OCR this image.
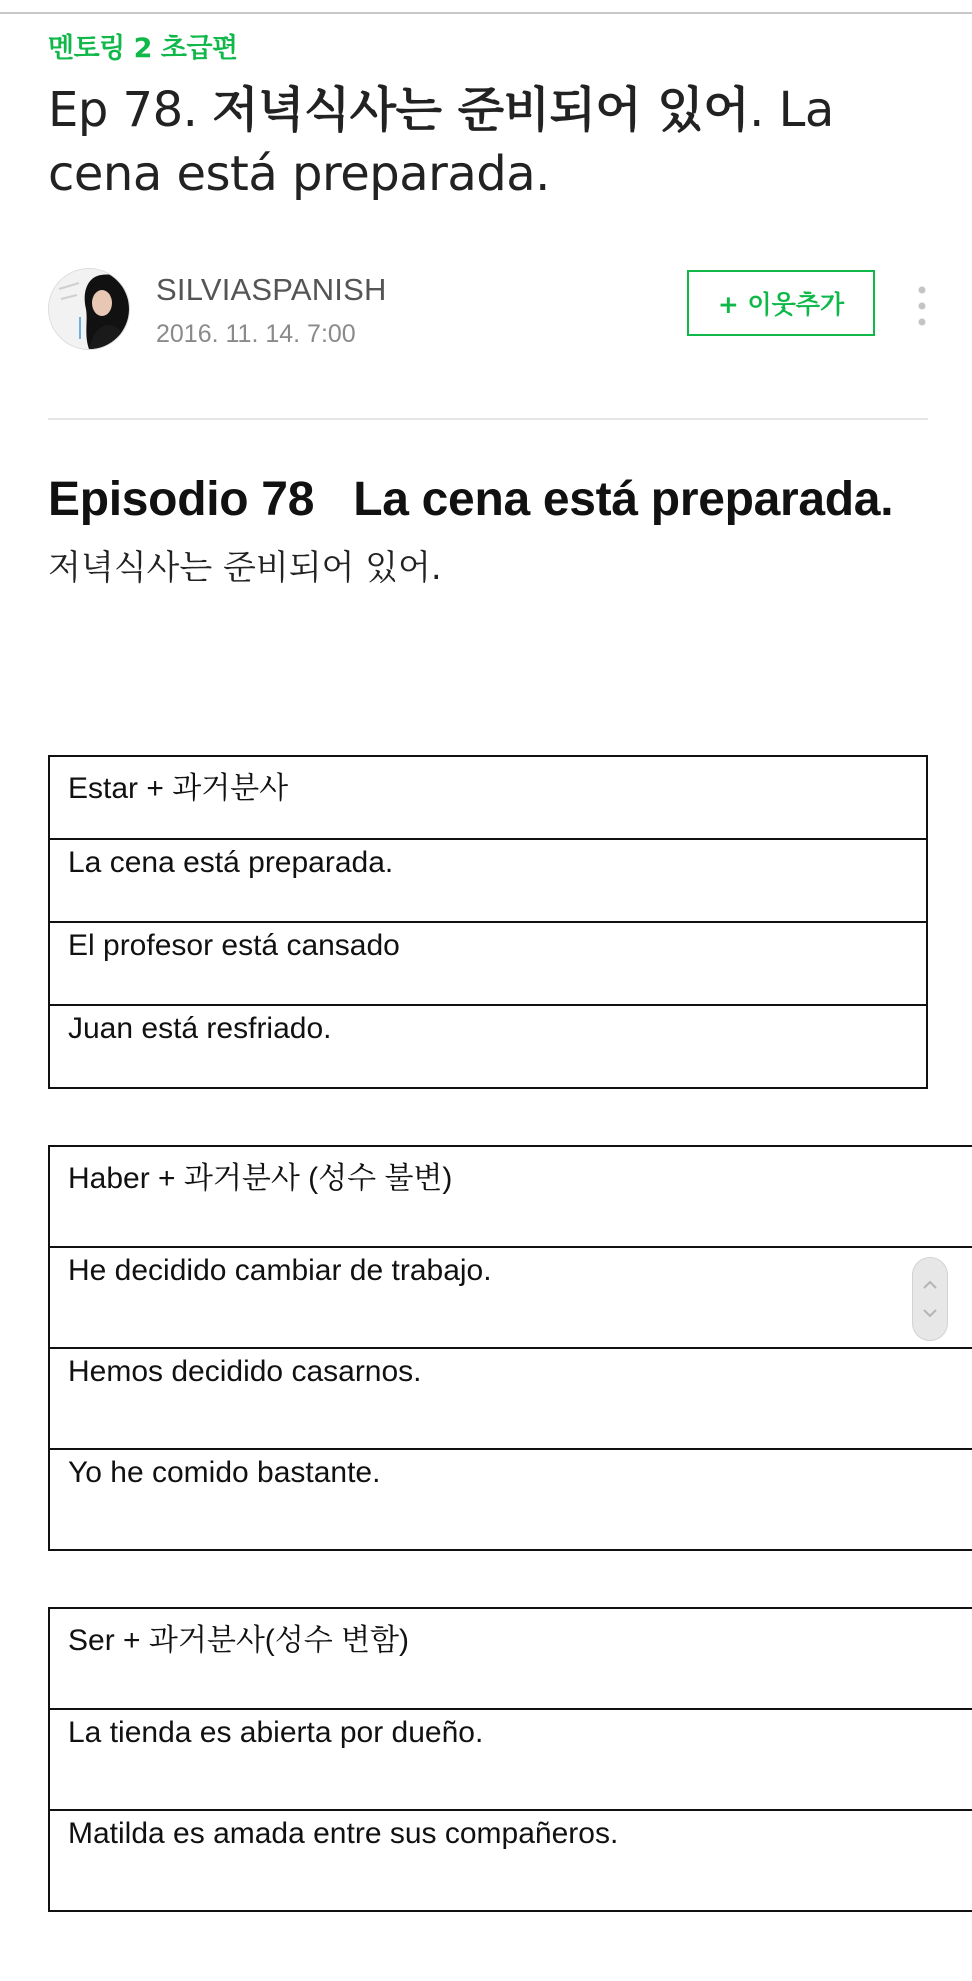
멘토링 2 초급편
Ep 78. 저녁식사는 준비되어 있어. La cena está preparada.
SILVIASPANISH
2016. 11. 14. 7:00
+ 이웃추가
Episodio 78   La cena está preparada.
저녁식사는 준비되어 있어.
Estar + 과거분사
La cena está preparada.
El profesor está cansado
Juan está resfriado.
Haber + 과거분사 (성수 불변)
He decidido cambiar de trabajo.
Hemos decidido casarnos.
Yo he comido bastante.
Ser + 과거분사(성수 변함)
La tienda es abierta por dueño.
Matilda es amada entre sus compañeros.
